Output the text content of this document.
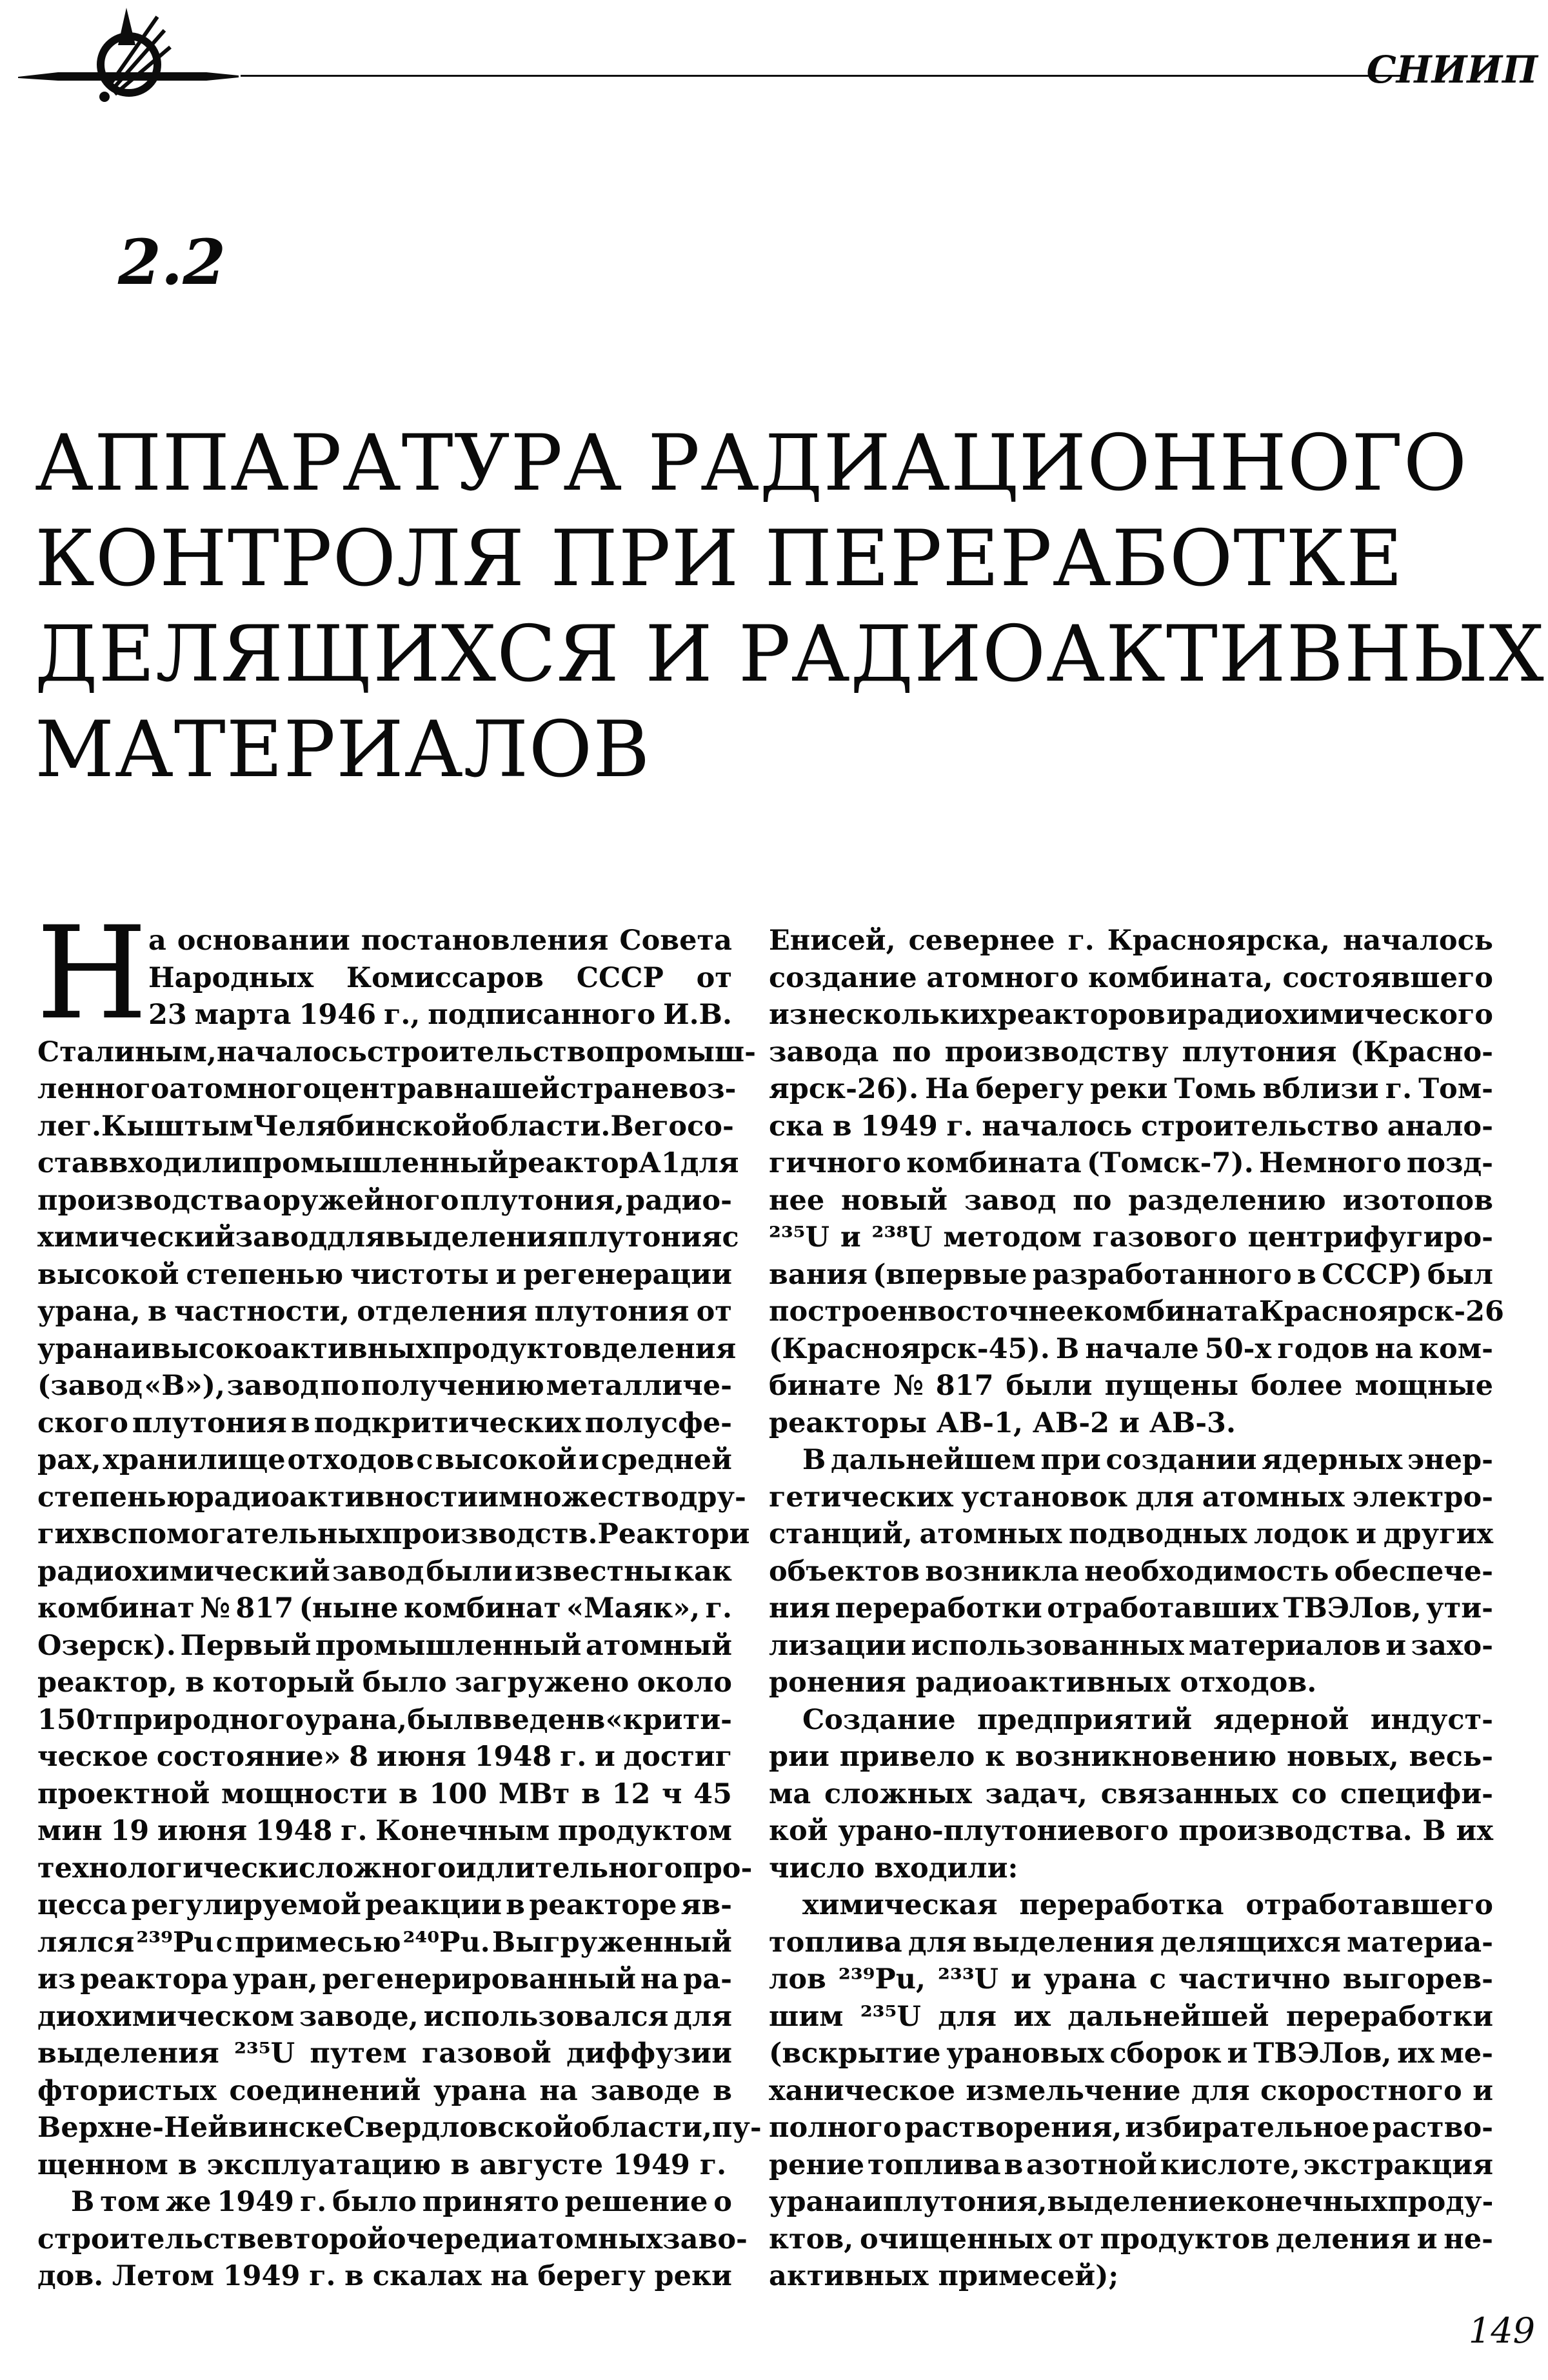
СНИИП
2.2
АППАРАТУРА РАДИАЦИОННОГО
КОНТРОЛЯ ПРИ ПЕРЕРАБОТКЕ
ДЕЛЯЩИХСЯ И РАДИОАКТИВНЫХ
МАТЕРИАЛОВ
Н а основании постановления Совета
Народных Комиссаров СССР от
23 марта 1946 г., подписанного И.В.
Сталиным, началось строительство промыш-
ленного атомного центра в нашей стране воз-
ле г. Кыштым Челябинской области. В его со-
став входили промышленный реактор А1 для
производства оружейного плутония, радио-
химический завод для выделения плутония с
высокой степенью чистоты и регенерации
урана, в частности, отделения плутония от
урана и высокоактивных продуктов деления
(завод «В»), завод по получению металличе-
ского плутония в подкритических полусфе-
рах, хранилище отходов с высокой и средней
степенью радиоактивности и множество дру-
гих вспомогательных производств. Реактор и
радиохимический завод были известны как
комбинат № 817 (ныне комбинат «Маяк», г.
Озерск). Первый промышленный атомный
реактор, в который было загружено около
150 т природного урана, был введен в «крити-
ческое состояние» 8 июня 1948 г. и достиг
проектной мощности в 100 МВт в 12 ч 45
мин 19 июня 1948 г. Конечным продуктом
технологически сложного и длительного про-
цесса регулируемой реакции в реакторе яв-
лялся ²³⁹Pu с примесью ²⁴⁰Pu. Выгруженный
из реактора уран, регенерированный на ра-
диохимическом заводе, использовался для
выделения ²³⁵U путем газовой диффузии
фтористых соединений урана на заводе в
Верхне-Нейвинске Свердловской области, пу-
щенном в эксплуатацию в августе 1949 г.
В том же 1949 г. было принято решение о
строительстве второй очереди атомных заво-
дов. Летом 1949 г. в скалах на берегу реки
Енисей, севернее г. Красноярска, началось
создание атомного комбината, состоявшего
из нескольких реакторов и радиохимического
завода по производству плутония (Красно-
ярск-26). На берегу реки Томь вблизи г. Том-
ска в 1949 г. началось строительство анало-
гичного комбината (Томск-7). Немного позд-
нее новый завод по разделению изотопов
²³⁵U и ²³⁸U методом газового центрифугиро-
вания (впервые разработанного в СССР) был
построен восточнее комбината Красноярск-26
(Красноярск-45). В начале 50-х годов на ком-
бинате № 817 были пущены более мощные
реакторы АВ-1, АВ-2 и АВ-3.
В дальнейшем при создании ядерных энер-
гетических установок для атомных электро-
станций, атомных подводных лодок и других
объектов возникла необходимость обеспече-
ния переработки отработавших ТВЭЛов, ути-
лизации использованных материалов и захо-
ронения радиоактивных отходов.
Создание предприятий ядерной индуст-
рии привело к возникновению новых, весь-
ма сложных задач, связанных со специфи-
кой урано-плутониевого производства. В их
число входили:
химическая переработка отработавшего
топлива для выделения делящихся материа-
лов ²³⁹Pu, ²³³U и урана с частично выгорев-
шим ²³⁵U для их дальнейшей переработки
(вскрытие урановых сборок и ТВЭЛов, их ме-
ханическое измельчение для скоростного и
полного растворения, избирательное раство-
рение топлива в азотной кислоте, экстракция
урана и плутония, выделение конечных проду-
ктов, очищенных от продуктов деления и не-
активных примесей);
149
